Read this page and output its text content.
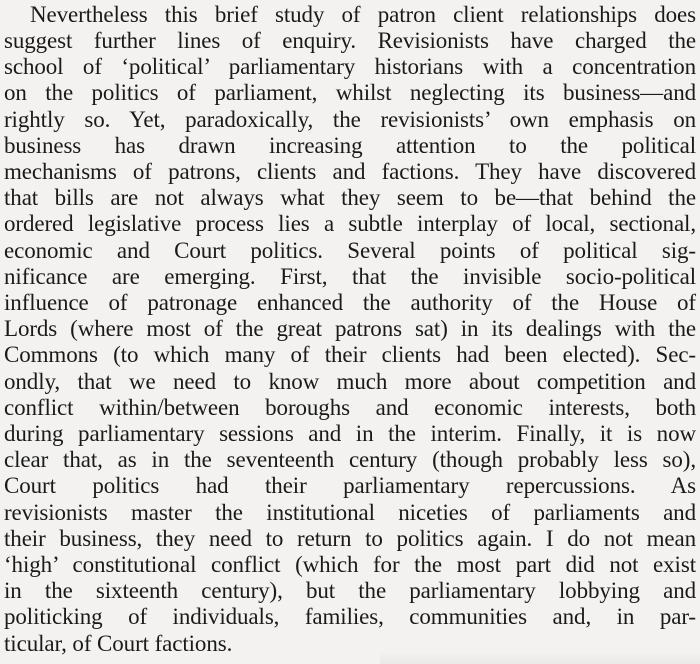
Nevertheless this brief study of patron client relationships does
suggest further lines of enquiry. Revisionists have charged the
school of ‘political’ parliamentary historians with a concentration
on the politics of parliament, whilst neglecting its business—and
rightly so. Yet, paradoxically, the revisionists’ own emphasis on
business has drawn increasing attention to the political
mechanisms of patrons, clients and factions. They have discovered
that bills are not always what they seem to be—that behind the
ordered legislative process lies a subtle interplay of local, sectional,
economic and Court politics. Several points of political sig-
nificance are emerging. First, that the invisible socio-political
influence of patronage enhanced the authority of the House of
Lords (where most of the great patrons sat) in its dealings with the
Commons (to which many of their clients had been elected). Sec-
ondly, that we need to know much more about competition and
conflict within/between boroughs and economic interests, both
during parliamentary sessions and in the interim. Finally, it is now
clear that, as in the seventeenth century (though probably less so),
Court politics had their parliamentary repercussions. As
revisionists master the institutional niceties of parliaments and
their business, they need to return to politics again. I do not mean
‘high’ constitutional conflict (which for the most part did not exist
in the sixteenth century), but the parliamentary lobbying and
politicking of individuals, families, communities and, in par-
ticular, of Court factions.
